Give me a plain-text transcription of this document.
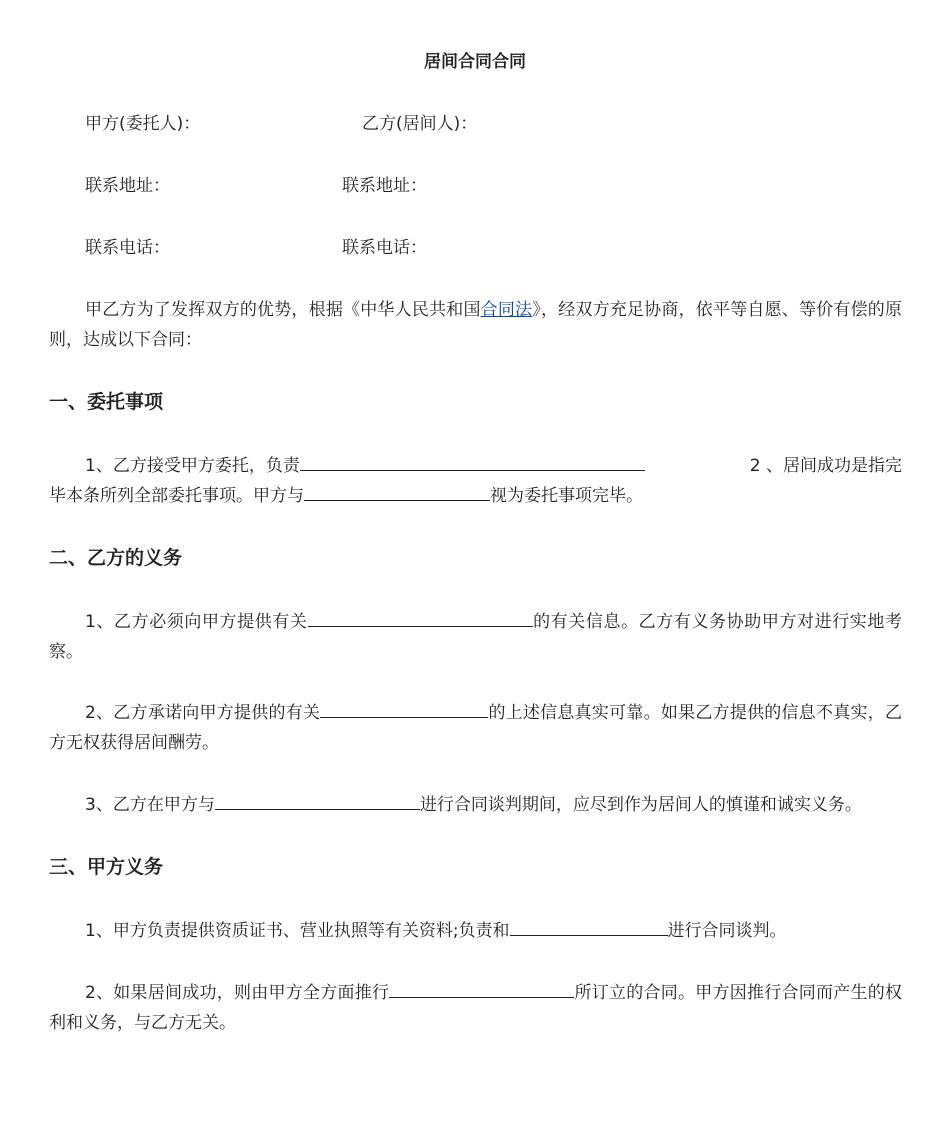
居间合同合同
甲方(委托人)：	乙方(居间人)：
联系地址：	联系地址：
联系电话：	联系电话：
甲乙方为了发挥双方的优势，根据《中华人民共和国合同法》，经双方充足协商，依平等自愿、等价有偿的原则，达成以下合同：
一、委托事项
1、乙方接受甲方委托，负责	2 、居间成功是指完

毕本条所列全部委托事项。甲方与	视为委托事项完毕。
二、乙方的义务
1、乙方必须向甲方提供有关	的有关信息。乙方有义务协助甲方对进行实地考察。
2、乙方承诺向甲方提供的有关	的上述信息真实可靠。如果乙方提供的信息不真实，乙方无权获得居间酬劳。
3、乙方在甲方与	进行合同谈判期间，应尽到作为居间人的慎谨和诚实义务。
三、甲方义务
1、甲方负责提供资质证书、营业执照等有关资料;负责和	进行合同谈判。
2、如果居间成功，则由甲方全方面推行	所订立的合同。甲方因推行合同而产生的权利和义务，与乙方无关。
